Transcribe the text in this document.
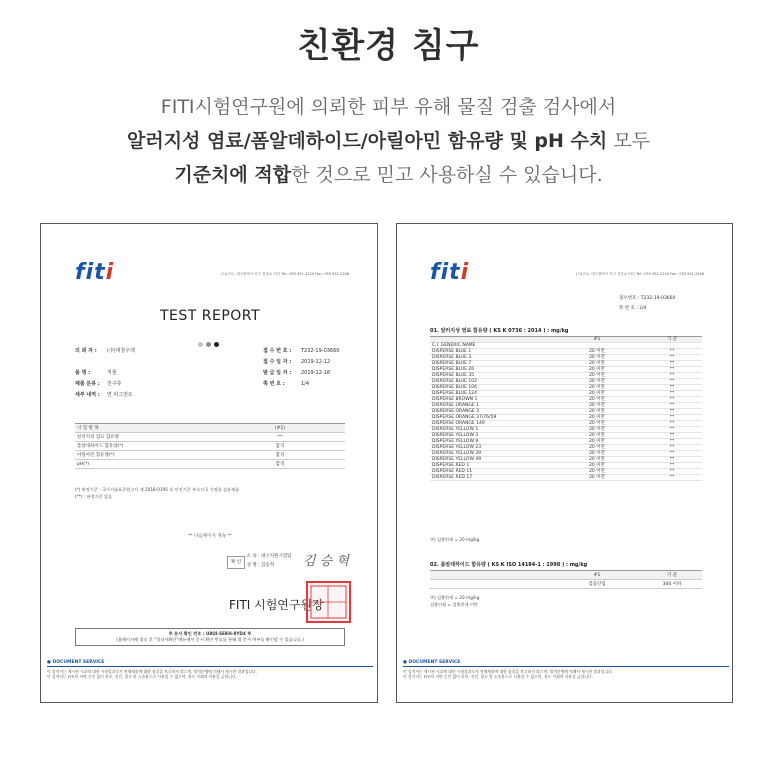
친환경 침구
FITI시험연구원에 의뢰한 피부 유해 물질 검출 검사에서
알러지성 염료/폼알데하이드/아릴아민 함유량 및 pH 수치 모두
기준치에 적합한 것으로 믿고 사용하실 수 있습니다.
fiti	(시)구로, 대구광역시 서구 검증로 어디 Tel : 053 551-2220 Fax : 053 551-2246
TEST REPORT
의 뢰 자 : (주)대창우맥

품 명 :	직물
제품 분류 : 친구류
세부 내역 : 면 피그먼트
접 수 번 호 : T232-19-03660
접 수 일 자 : 2019-12-12
발 급 일 자 : 2019-12-18
쪽 번 호 :	1/4
시 험 항 목	(#1)
알러지성 염료 함유량	**
폼알데하이드 함유량(*)	합격
아릴아민 함유량(*)	합격
pH(*)	합격
(*) 판정기준 : 국가기술표준원고시 제 2018-0195 호 안전기준 부속서 1 가정용 섬유제품
(**) : 판정기준 없음
** 다음페이지 계속 **
확 인
소 속 : 대구지원시험팀
성 명 : 김승혁	김 승 혁
FITI 시험연구원장
※ 문서 확인 번호 : U8QI-SEKH-8YD4 ※
(홈페이지에 접속 후 "성적서확인"메뉴에서 문서 확인 번호를 통해 위 문서 여부를 확인할 수 있습니다.)
● DOCUMENT SERVICE
이 성적서는 제시된 시료에 대한 시험결과로서 전체제품에 대한 품질을 보증하지 않으며, 법적분쟁에 의해서 제시한 결과입니다.
이 성적서는 FITI의 서면 승인 없이 홍보, 선전, 광고 및 소송용으로 사용할 수 없으며, 용도 이외의 사용을 금합니다.
fiti	(시)구로, 대구광역시 서구 검증로 어디 Tel : 053 551-2220 Fax : 053 551-2246
접수번호 : T232-19-03660
쪽 번 호 : 2/4
01. 알러지성 염료 함유량 ( KS K 0736 : 2014 ) : mg/kg
	#1	기 준
C.I. GENERIC NAME		
DISPERSE BLUE 1	20 미만	**
DISPERSE BLUE 3	20 미만	**
DISPERSE BLUE 7	20 미만	**
DISPERSE BLUE 26	20 미만	**
DISPERSE BLUE 35	20 미만	**
DISPERSE BLUE 102	20 미만	**
DISPERSE BLUE 106	20 미만	**
DISPERSE BLUE 124	20 미만	**
DISPERSE BROWN 1	20 미만	**
DISPERSE ORANGE 1	20 미만	**
DISPERSE ORANGE 3	20 미만	**
DISPERSE ORANGE 37/76/59	20 미만	**
DISPERSE ORANGE 149	20 미만	**
DISPERSE YELLOW 1	20 미만	**
DISPERSE YELLOW 3	20 미만	**
DISPERSE YELLOW 9	20 미만	**
DISPERSE YELLOW 23	20 미만	**
DISPERSE YELLOW 39	20 미만	**
DISPERSE YELLOW 49	20 미만	**
DISPERSE RED 1	20 미만	**
DISPERSE RED 11	20 미만	**
DISPERSE RED 17	20 미만	**
주) 검출한계 = 20 mg/kg
02. 폼알데하이드 함유량 ( KS K ISO 14184-1 : 1998 ) : mg/kg
	#1	기 준
	검출안됨	300 이하
주) 검출한계 = 20 mg/kg
검출안됨 = 검출한계 미만
● DOCUMENT SERVICE
이 성적서는 제시된 시료에 대한 시험결과로서 전체제품에 대한 품질을 보증하지 않으며, 법적분쟁에 의해서 제시한 결과입니다.
이 성적서는 FITI의 서면 승인 없이 홍보, 선전, 광고 및 소송용으로 사용할 수 없으며, 용도 이외의 사용을 금합니다.
